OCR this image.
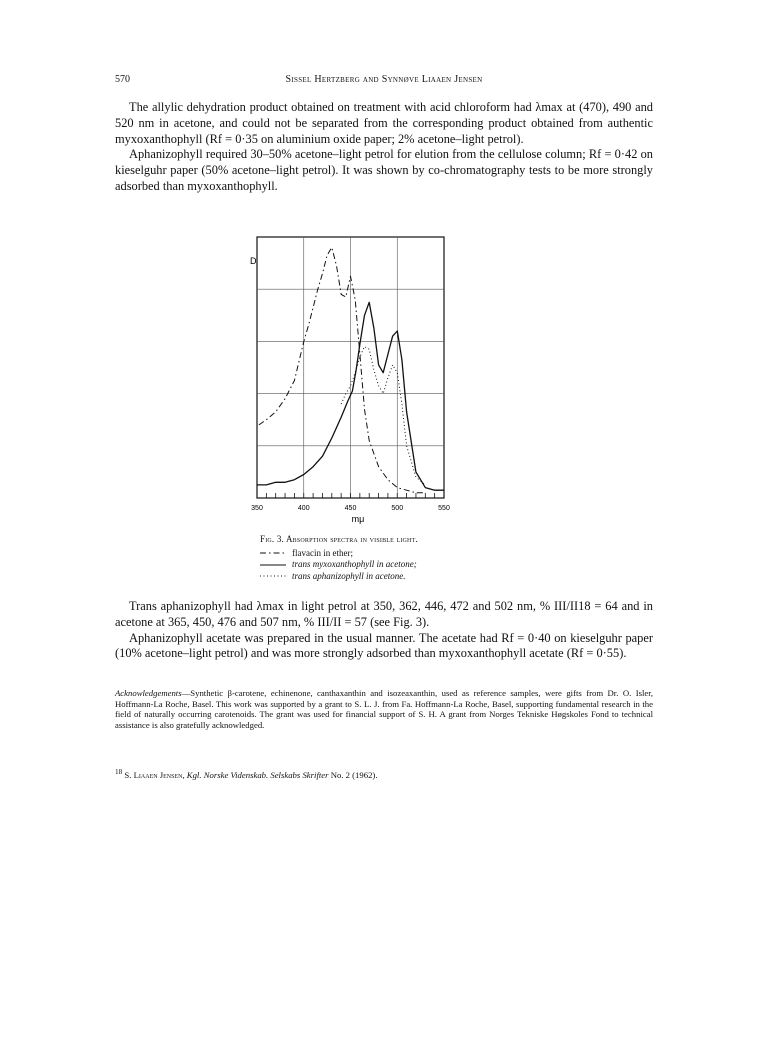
570	Sissel Hertzberg and Synnøve Liaaen Jensen

The allylic dehydration product obtained on treatment with acid chloroform had λmax at (470), 490 and 520 nm in acetone, and could not be separated from the corresponding product obtained from authentic myxoxanthophyll (Rf = 0·35 on aluminium oxide paper; 2% acetone–light petrol).

Aphanizophyll required 30–50% acetone–light petrol for elution from the cellulose column; Rf = 0·42 on kieselguhr paper (50% acetone–light petrol). It was shown by co-chromatography tests to be more strongly adsorbed than myxoxanthophyll.

350	400	450	500	550
D
mμ
Fig. 3. Absorption spectra in visible light.
flavacin in ether;
trans myxoxanthophyll in acetone;
trans aphanizophyll in acetone.

Trans aphanizophyll had λmax in light petrol at 350, 362, 446, 472 and 502 nm, % III/II18 = 64 and in acetone at 365, 450, 476 and 507 nm, % III/II = 57 (see Fig. 3).

Aphanizophyll acetate was prepared in the usual manner. The acetate had Rf = 0·40 on kieselguhr paper (10% acetone–light petrol) and was more strongly adsorbed than myxoxanthophyll acetate (Rf = 0·55).

Acknowledgements—Synthetic β-carotene, echinenone, canthaxanthin and isozeaxanthin, used as reference samples, were gifts from Dr. O. Isler, Hoffmann-La Roche, Basel. This work was supported by a grant to S. L. J. from Fa. Hoffmann-La Roche, Basel, supporting fundamental research in the field of naturally occurring carotenoids. The grant was used for financial support of S. H. A grant from Norges Tekniske Høgskoles Fond to technical assistance is also gratefully acknowledged.
$^{18}$ S. Liaaen Jensen, Kgl. Norske Videnskab. Selskabs Skrifter No. 2 (1962).
